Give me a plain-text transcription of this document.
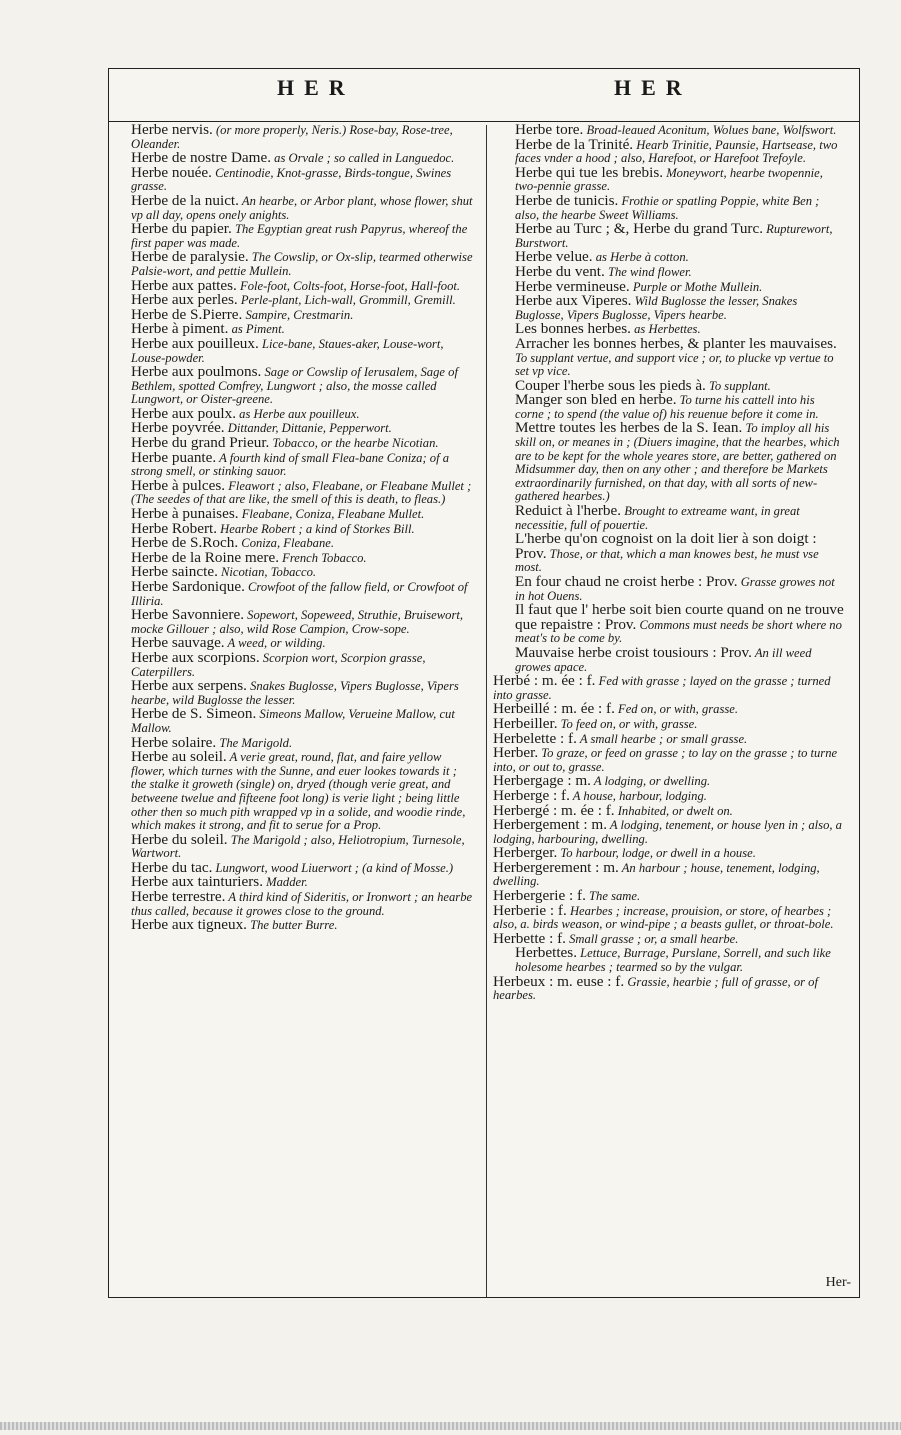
HER	HER

Herbe nervis. (or more properly, Neris.) Rose-bay, Rose-tree, Oleander.

Herbe de nostre Dame. as Orvale ; so called in Languedoc.

Herbe nouée. Centinodie, Knot-grasse, Birds-tongue, Swines grasse.

Herbe de la nuict. An hearbe, or Arbor plant, whose flower, shut vp all day, opens onely anights.

Herbe du papier. The Egyptian great rush Papyrus, whereof the first paper was made.

Herbe de paralysie. The Cowslip, or Ox-slip, tearmed otherwise Palsie-wort, and pettie Mullein.

Herbe aux pattes. Fole-foot, Colts-foot, Horse-foot, Hall-foot.

Herbe aux perles. Perle-plant, Lich-wall, Grommill, Gremill.

Herbe de S.Pierre. Sampire, Crestmarin.

Herbe à piment. as Piment.

Herbe aux pouilleux. Lice-bane, Staues-aker, Louse-wort, Louse-powder.

Herbe aux poulmons. Sage or Cowslip of Ierusalem, Sage of Bethlem, spotted Comfrey, Lungwort ; also, the mosse called Lungwort, or Oister-greene.

Herbe aux poulx. as Herbe aux pouilleux.

Herbe poyvrée. Dittander, Dittanie, Pepperwort.

Herbe du grand Prieur. Tobacco, or the hearbe Nicotian.

Herbe puante. A fourth kind of small Flea-bane Coniza; of a strong smell, or stinking sauor.

Herbe à pulces. Fleawort ; also, Fleabane, or Fleabane Mullet ; (The seedes of that are like, the smell of this is death, to fleas.)

Herbe à punaises. Fleabane, Coniza, Fleabane Mullet.

Herbe Robert. Hearbe Robert ; a kind of Storkes Bill.

Herbe de S.Roch. Coniza, Fleabane.

Herbe de la Roine mere. French Tobacco.

Herbe saincte. Nicotian, Tobacco.

Herbe Sardonique. Crowfoot of the fallow field, or Crowfoot of Illiria.

Herbe Savonniere. Sopewort, Sopeweed, Struthie, Bruisewort, mocke Gillouer ; also, wild Rose Campion, Crow-sope.

Herbe sauvage. A weed, or wilding.

Herbe aux scorpions. Scorpion wort, Scorpion grasse, Caterpillers.

Herbe aux serpens. Snakes Buglosse, Vipers Buglosse, Vipers hearbe, wild Buglosse the lesser.

Herbe de S. Simeon. Simeons Mallow, Verueine Mallow, cut Mallow.

Herbe solaire. The Marigold.

Herbe au soleil. A verie great, round, flat, and faire yellow flower, which turnes with the Sunne, and euer lookes towards it ; the stalke it groweth (single) on, dryed (though verie great, and betweene twelue and fifteene foot long) is verie light ; being little other then so much pith wrapped vp in a solide, and woodie rinde, which makes it strong, and fit to serue for a Prop.

Herbe du soleil. The Marigold ; also, Heliotropium, Turnesole, Wartwort.

Herbe du tac. Lungwort, wood Liuerwort ; (a kind of Mosse.)

Herbe aux tainturiers. Madder.

Herbe terrestre. A third kind of Sideritis, or Ironwort ; an hearbe thus called, because it growes close to the ground.

Herbe aux tigneux. The butter Burre.

Herbe tore. Broad-leaued Aconitum, Wolues bane, Wolfswort.

Herbe de la Trinité. Hearb Trinitie, Paunsie, Hartsease, two faces vnder a hood ; also, Harefoot, or Harefoot Trefoyle.

Herbe qui tue les brebis. Moneywort, hearbe twopennie, two-pennie grasse.

Herbe de tunicis. Frothie or spatling Poppie, white Ben ; also, the hearbe Sweet Williams.

Herbe au Turc ; &, Herbe du grand Turc. Rupturewort, Burstwort.

Herbe velue. as Herbe à cotton.

Herbe du vent. The wind flower.

Herbe vermineuse. Purple or Mothe Mullein.

Herbe aux Viperes. Wild Buglosse the lesser, Snakes Buglosse, Vipers Buglosse, Vipers hearbe.

Les bonnes herbes. as Herbettes.

Arracher les bonnes herbes, & planter les mauvaises. To supplant vertue, and support vice ; or, to plucke vp vertue to set vp vice.

Couper l'herbe sous les pieds à. To supplant.

Manger son bled en herbe. To turne his cattell into his corne ; to spend (the value of) his reuenue before it come in.

Mettre toutes les herbes de la S. Iean. To imploy all his skill on, or meanes in ; (Diuers imagine, that the hearbes, which are to be kept for the whole yeares store, are better, gathered on Midsummer day, then on any other ; and therefore be Markets extraordinarily furnished, on that day, with all sorts of new-gathered hearbes.)

Reduict à l'herbe. Brought to extreame want, in great necessitie, full of pouertie.

L'herbe qu'on cognoist on la doit lier à son doigt : Prov. Those, or that, which a man knowes best, he must vse most.

En four chaud ne croist herbe : Prov. Grasse growes not in hot Ouens.

Il faut que l' herbe soit bien courte quand on ne trouve que repaistre : Prov. Commons must needs be short where no meat's to be come by.

Mauvaise herbe croist tousiours : Prov. An ill weed growes apace.

Herbé : m. ée : f. Fed with grasse ; layed on the grasse ; turned into grasse.

Herbeillé : m. ée : f. Fed on, or with, grasse.

Herbeiller. To feed on, or with, grasse.

Herbelette : f. A small hearbe ; or small grasse.

Herber. To graze, or feed on grasse ; to lay on the grasse ; to turne into, or out to, grasse.

Herbergage : m. A lodging, or dwelling.

Herberge : f. A house, harbour, lodging.

Herbergé : m. ée : f. Inhabited, or dwelt on.

Herbergement : m. A lodging, tenement, or house lyen in ; also, a lodging, harbouring, dwelling.

Herberger. To harbour, lodge, or dwell in a house.

Herbergerement : m. An harbour ; house, tenement, lodging, dwelling.

Herbergerie : f. The same.

Herberie : f. Hearbes ; increase, prouision, or store, of hearbes ; also, a. birds weason, or wind-pipe ; a beasts gullet, or throat-bole.

Herbette : f. Small grasse ; or, a small hearbe.

Herbettes. Lettuce, Burrage, Purslane, Sorrell, and such like holesome hearbes ; tearmed so by the vulgar.

Herbeux : m. euse : f. Grassie, hearbie ; full of grasse, or of hearbes.

Her-
